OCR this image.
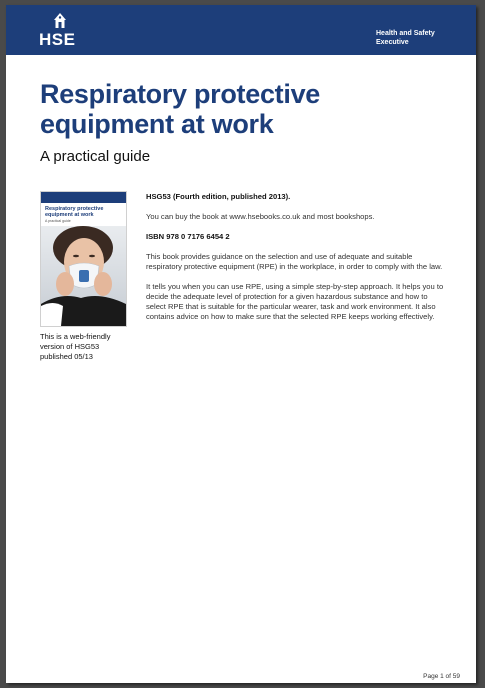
HSE	Health and Safety Executive
Respiratory protective equipment at work
A practical guide
Respiratory protective equipment at work
A practical guide
This is a web-friendly version of HSG53 published 05/13

HSG53 (Fourth edition, published 2013).

You can buy the book at www.hsebooks.co.uk and most bookshops.

ISBN 978 0 7176 6454 2

This book provides guidance on the selection and use of adequate and suitable respiratory protective equipment (RPE) in the workplace, in order to comply with the law.

It tells you when you can use RPE, using a simple step-by-step approach. It helps you to decide the adequate level of protection for a given hazardous substance and how to select RPE that is suitable for the particular wearer, task and work environment. It also contains advice on how to make sure that the selected RPE keeps working effectively.

Page 1 of 59
